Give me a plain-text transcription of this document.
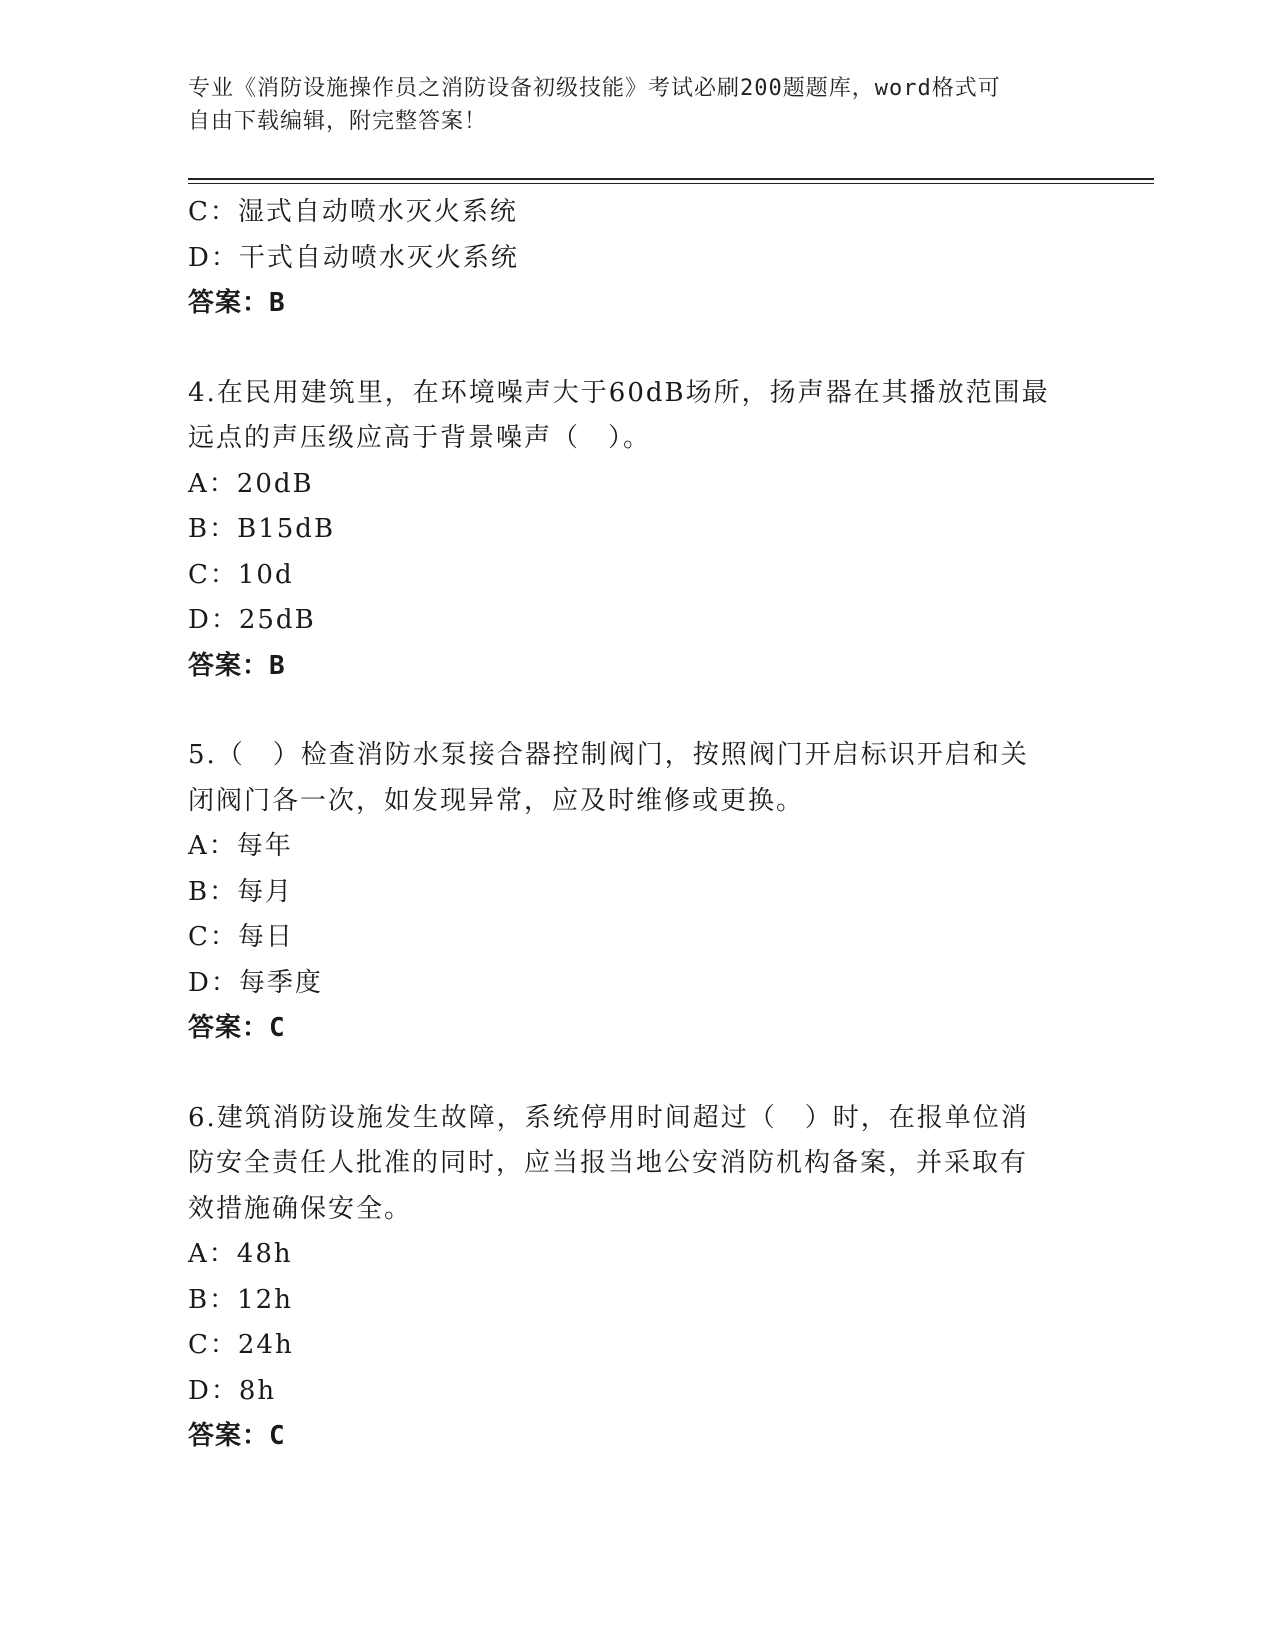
专业《消防设施操作员之消防设备初级技能》考试必刷200题题库，word格式可
自由下载编辑，附完整答案！
C：湿式自动喷水灭火系统
D：干式自动喷水灭火系统
答案：B
4.在民用建筑里，在环境噪声大于60dB场所，扬声器在其播放范围最
远点的声压级应高于背景噪声（　）。
A：20dB
B：B15dB
C：10d
D：25dB
答案：B
5.（　）检查消防水泵接合器控制阀门，按照阀门开启标识开启和关
闭阀门各一次，如发现异常，应及时维修或更换。
A：每年
B：每月
C：每日
D：每季度
答案：C
6.建筑消防设施发生故障，系统停用时间超过（　）时，在报单位消
防安全责任人批准的同时，应当报当地公安消防机构备案，并采取有
效措施确保安全。
A：48h
B：12h
C：24h
D：8h
答案：C
